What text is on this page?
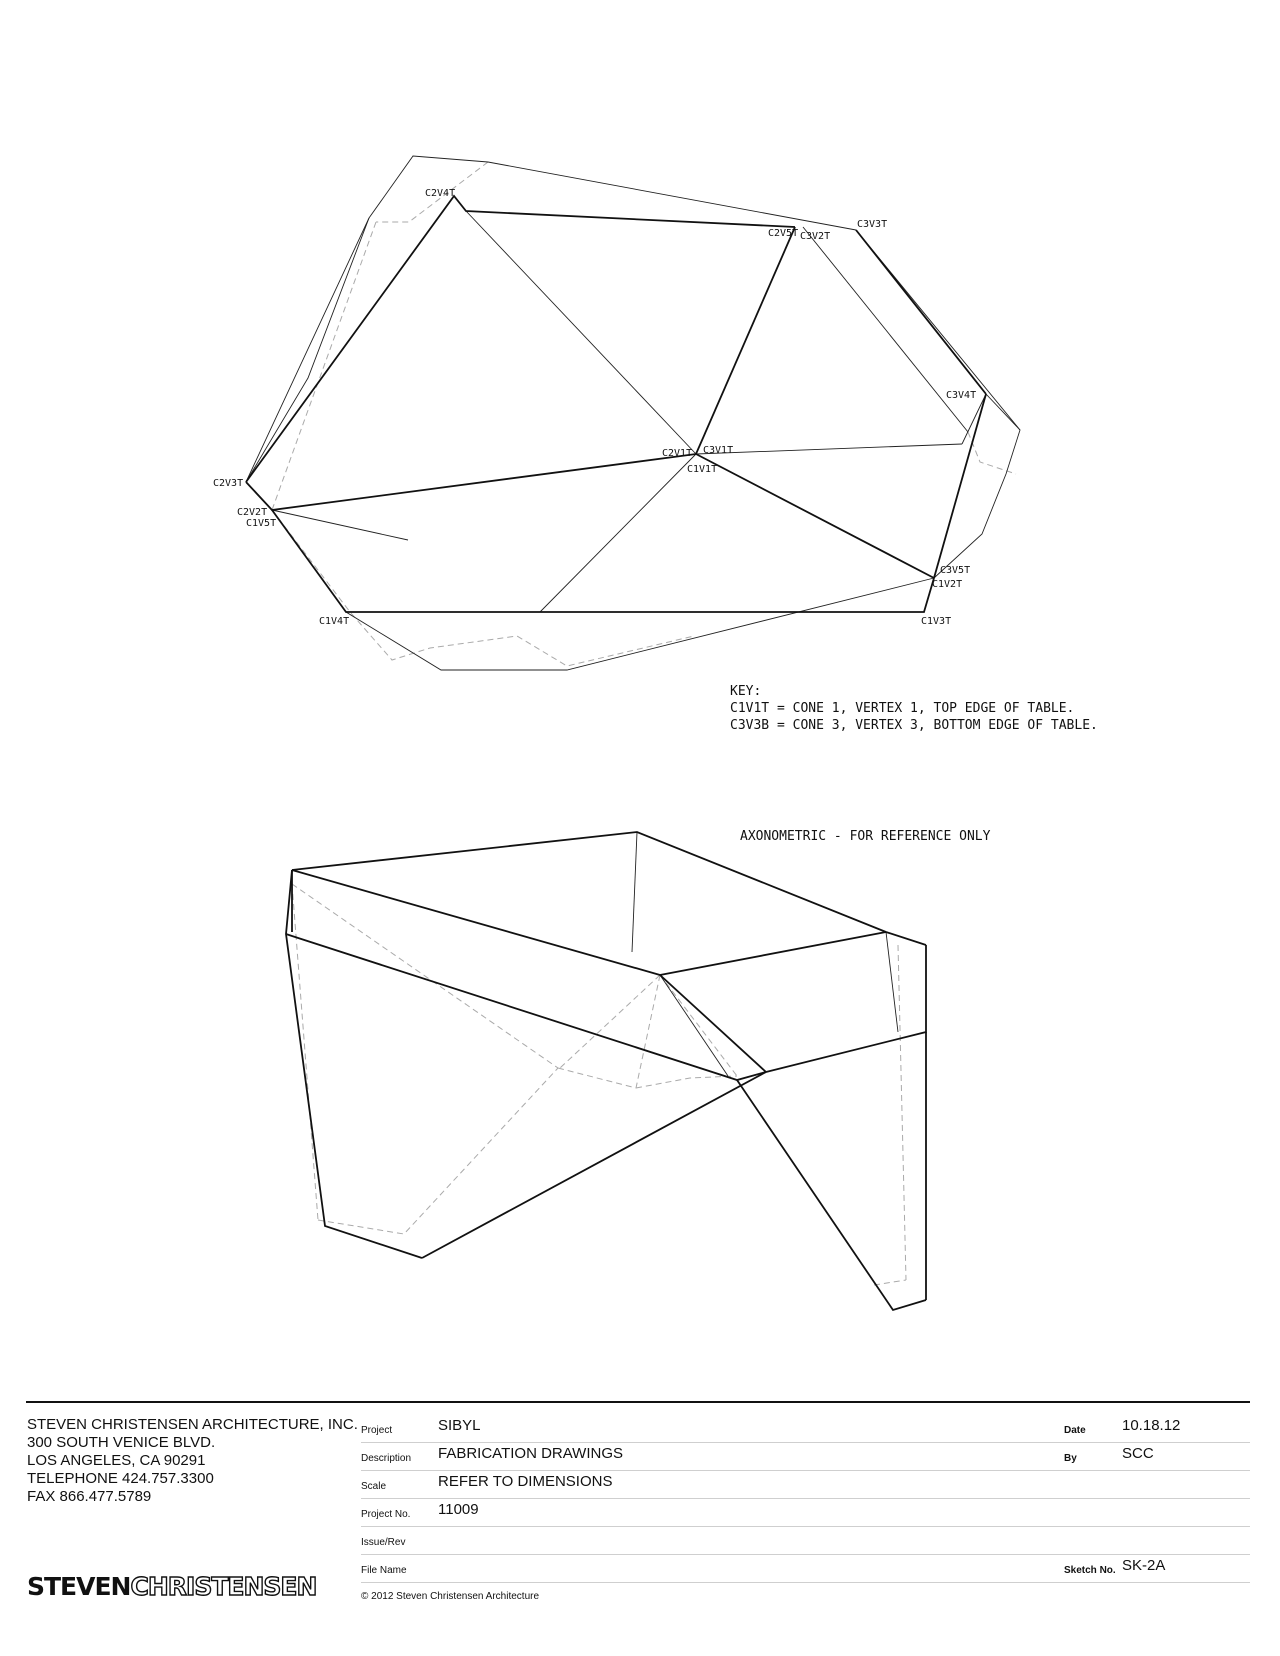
C2V4T
C2V5T C3V2T
C3V3T
C3V4T
C2V1T C3V1T
C1V1T
C2V3T
C2V2T
C1V5T
C3V5T
C1V2T
C1V4T	C1V3T
KEY:
C1V1T = CONE 1, VERTEX 1, TOP EDGE OF TABLE.
C3V3B = CONE 3, VERTEX 3, BOTTOM EDGE OF TABLE.
AXONOMETRIC - FOR REFERENCE ONLY
STEVEN CHRISTENSEN ARCHITECTURE, INC.
300 SOUTH VENICE BLVD.
LOS ANGELES, CA 90291
TELEPHONE 424.757.3300
FAX 866.477.5789
STEVENCHRISTENSEN
Project	SIBYL	Date 10.18.12
Description FABRICATION DRAWINGS	By	SCC
Scale	REFER TO DIMENSIONS
Project No. 11009
Issue/Rev
File Name	Sketch No. SK-2A
© 2012 Steven Christensen Architecture
